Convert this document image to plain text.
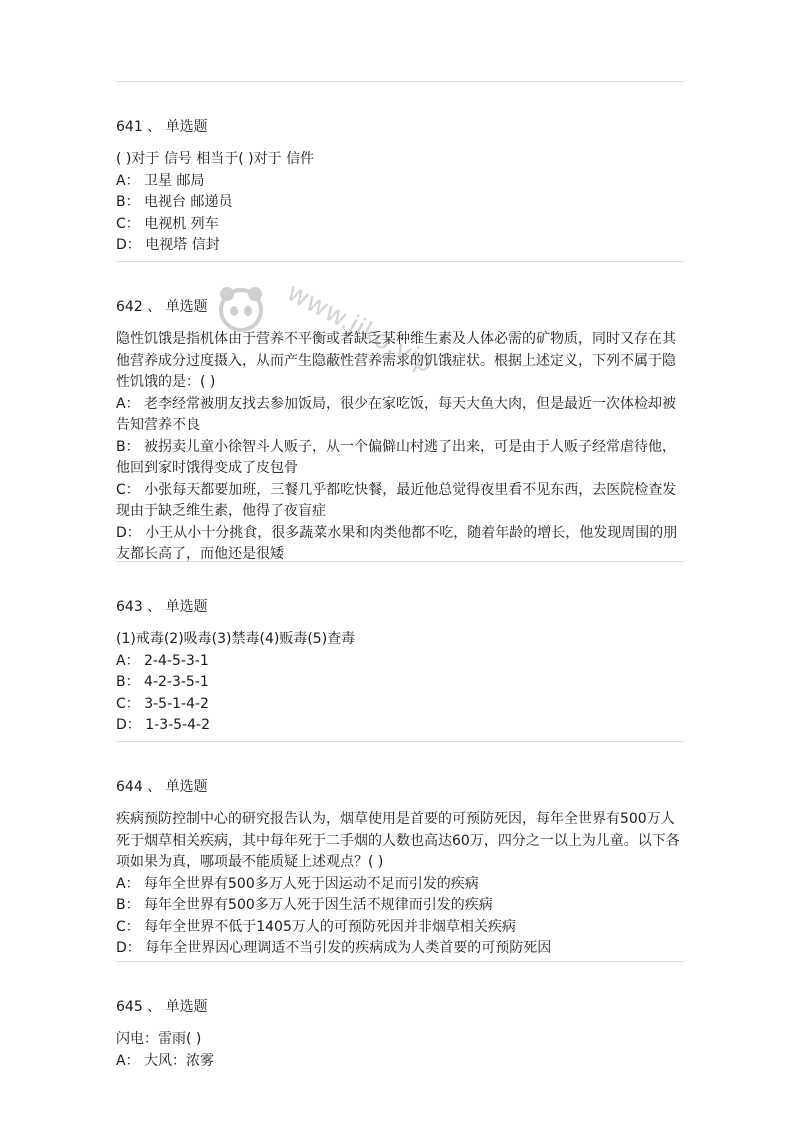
641 、 单选题
( )对于 信号 相当于( )对于 信件
A： 卫星 邮局
B： 电视台 邮递员
C： 电视机 列车
D： 电视塔 信封
642 、 单选题
隐性饥饿是指机体由于营养不平衡或者缺乏某种维生素及人体必需的矿物质，同时又存在其他营养成分过度摄入，从而产生隐蔽性营养需求的饥饿症状。根据上述定义，下列不属于隐性饥饿的是：( )
A： 老李经常被朋友找去参加饭局，很少在家吃饭，每天大鱼大肉，但是最近一次体检却被告知营养不良
B： 被拐卖儿童小徐智斗人贩子，从一个偏僻山村逃了出来，可是由于人贩子经常虐待他，他回到家时饿得变成了皮包骨
C： 小张每天都要加班，三餐几乎都吃快餐，最近他总觉得夜里看不见东西，去医院检查发现由于缺乏维生素，他得了夜盲症
D： 小王从小十分挑食，很多蔬菜水果和肉类他都不吃，随着年龄的增长，他发现周围的朋友都长高了，而他还是很矮
643 、 单选题
(1)戒毒(2)吸毒(3)禁毒(4)贩毒(5)查毒
A： 2-4-5-3-1
B： 4-2-3-5-1
C： 3-5-1-4-2
D： 1-3-5-4-2
644 、 单选题
疾病预防控制中心的研究报告认为，烟草使用是首要的可预防死因，每年全世界有500万人死于烟草相关疾病，其中每年死于二手烟的人数也高达60万，四分之一以上为儿童。以下各项如果为真，哪项最不能质疑上述观点？( )
A： 每年全世界有500多万人死于因运动不足而引发的疾病
B： 每年全世界有500多万人死于因生活不规律而引发的疾病
C： 每年全世界不低于1405万人的可预防死因并非烟草相关疾病
D： 每年全世界因心理调适不当引发的疾病成为人类首要的可预防死因
645 、 单选题
闪电：雷雨( )
A： 大风：浓雾
www.jiko.vip
